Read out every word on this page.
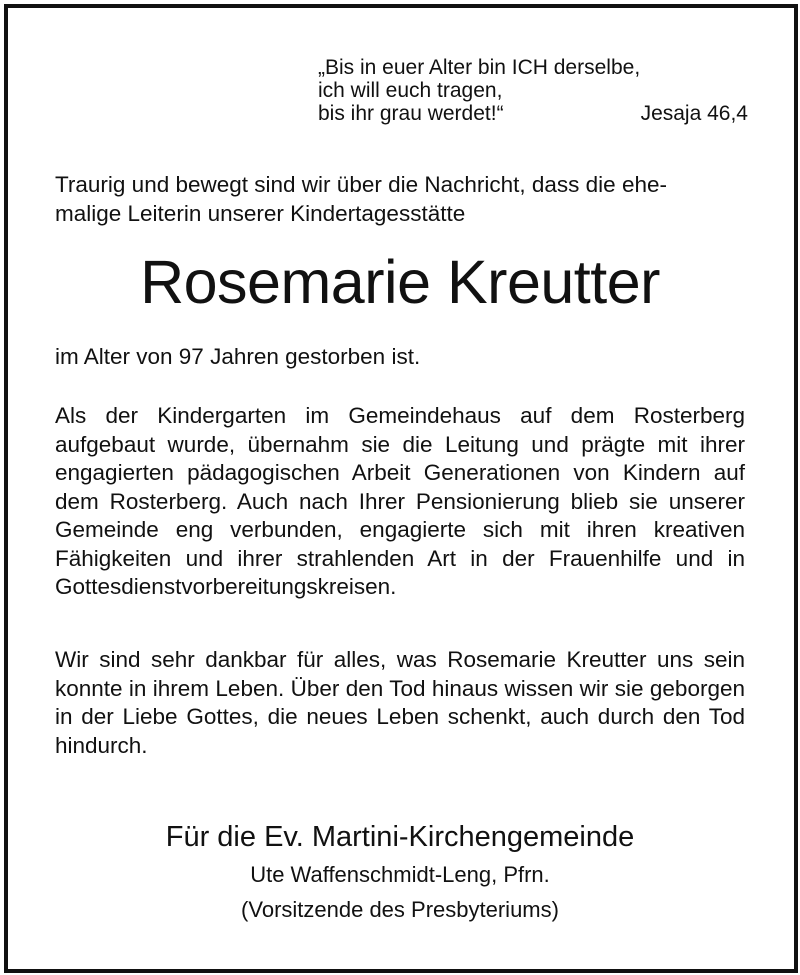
„Bis in euer Alter bin ICH derselbe,
ich will euch tragen,
bis ihr grau werdet!“	Jesaja 46,4
Traurig und bewegt sind wir über die Nachricht, dass die ehe-
malige Leiterin unserer Kindertagesstätte
Rosemarie Kreutter
im Alter von 97 Jahren gestorben ist.
Als der Kindergarten im Gemeindehaus auf dem Rosterberg aufgebaut wurde, übernahm sie die Leitung und prägte mit ihrer engagierten pädagogischen Arbeit Generationen von Kindern auf dem Rosterberg. Auch nach Ihrer Pensionierung blieb sie unserer Gemeinde eng verbunden, engagierte sich mit ihren kreativen Fähigkeiten und ihrer strahlenden Art in der Frauenhilfe und in Gottesdienstvorbereitungskreisen.
Wir sind sehr dankbar für alles, was Rosemarie Kreutter uns sein konnte in ihrem Leben. Über den Tod hinaus wissen wir sie geborgen in der Liebe Gottes, die neues Leben schenkt, auch durch den Tod hindurch.
Für die Ev. Martini-Kirchengemeinde
Ute Waffenschmidt-Leng, Pfrn.
(Vorsitzende des Presbyteriums)
